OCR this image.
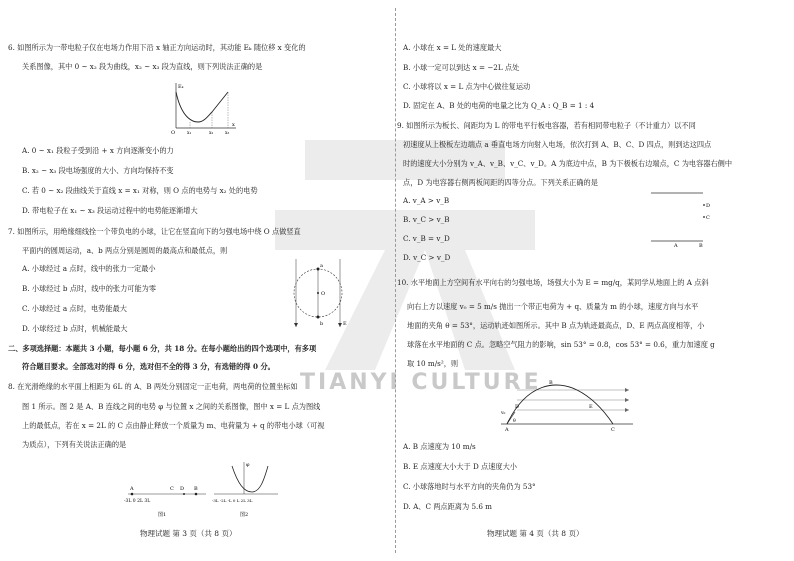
TIANYI CULTURE
6. 如图所示为一带电粒子仅在电场力作用下沿 x 轴正方向运动时，其动能 Eₖ 随位移 x 变化的
关系图像，其中 0 ~ x₂ 段为曲线，x₂ ~ x₃ 段为直线，则下列说法正确的是
Eₖ
O	x₁	x₂	x₃
x
A. 0 ~ x₁ 段粒子受到沿 + x 方向逐渐变小的力
B. x₂ ~ x₃ 段电场强度的大小、方向均保持不变
C. 若 0 ~ x₂ 段曲线关于直线 x = x₁ 对称，则 O 点的电势与 x₂ 处的电势
D. 带电粒子在 x₁ ~ x₃ 段运动过程中的电势能逐渐增大
7. 如图所示，用绝缘细线拴一个带负电的小球，让它在竖直向下的匀强电场中绕 O 点做竖直
平面内的圆周运动，a、b 两点分别是圆周的最高点和最低点，则
a
b
O
E
A. 小球经过 a 点时，线中的张力一定最小
B. 小球经过 b 点时，线中的张力可能为零
C. 小球经过 a 点时，电势能最大
D. 小球经过 b 点时，机械能最大
二、多项选择题：本题共 3 小题，每小题 6 分，共 18 分。在每小题给出的四个选项中，有多项
符合题目要求。全部选对的得 6 分，选对但不全的得 3 分，有选错的得 0 分。
8. 在光滑绝缘的水平面上相距为 6L 的 A、B 两处分别固定一正电荷，两电荷的位置坐标如
图 1 所示。图 2 是 A、B 连线之间的电势 φ 与位置 x 之间的关系图像，图中 x = L 点为图线
上的最低点，若在 x = 2L 的 C 点由静止释放一个质量为 m、电荷量为 + q 的带电小球（可视
为质点），下列有关说法正确的是
A	C D B
-3L 0 2L 3L
图1
φ
-3L -2L -L 0 L 2L 3L
图2
物理试题 第 3 页（共 8 页）
A. 小球在 x = L 处的速度最大
B. 小球一定可以到达 x = −2L 点处
C. 小球将以 x = L 点为中心做往复运动
D. 固定在 A、B 处的电荷的电量之比为 Q_A : Q_B = 1 : 4
9. 如图所示为板长、间距均为 L 的带电平行板电容器，若有相同带电粒子（不计重力）以不同
初速度从上极板左边端点 a 垂直电场方向射入电场，依次打到 A、B、C、D 四点，则到达这四点
时的速度大小分别为 v_A、v_B、v_C、v_D。A 为底边中点，B 为下极板右边端点，C 为电容器右侧中
点，D 为电容器右侧两板间距的四等分点。下列关系正确的是
A. v_A > v_B
B. v_C > v_B
C. v_B = v_D
D. v_C > v_D
D
C
A	B
10. 水平地面上方空间有水平向右的匀强电场，场强大小为 E = mg/q，某同学从地面上的 A 点斜
向右上方以速度 v₀ = 5 m/s 抛出一个带正电荷为 + q、质量为 m 的小球，速度方向与水平
地面的夹角 θ = 53°，运动轨迹如图所示。其中 B 点为轨迹最高点，D、E 两点高度相等，小
球落在水平地面的 C 点。忽略空气阻力的影响，sin 53° = 0.8，cos 53° = 0.6，重力加速度 g
取 10 m/s²，则
A
B
C
D	E
v₀
θ
A. B 点速度为 10 m/s
B. E 点速度大小大于 D 点速度大小
C. 小球落地时与水平方向的夹角仍为 53°
D. A、C 两点距离为 5.6 m
物理试题 第 4 页（共 8 页）
